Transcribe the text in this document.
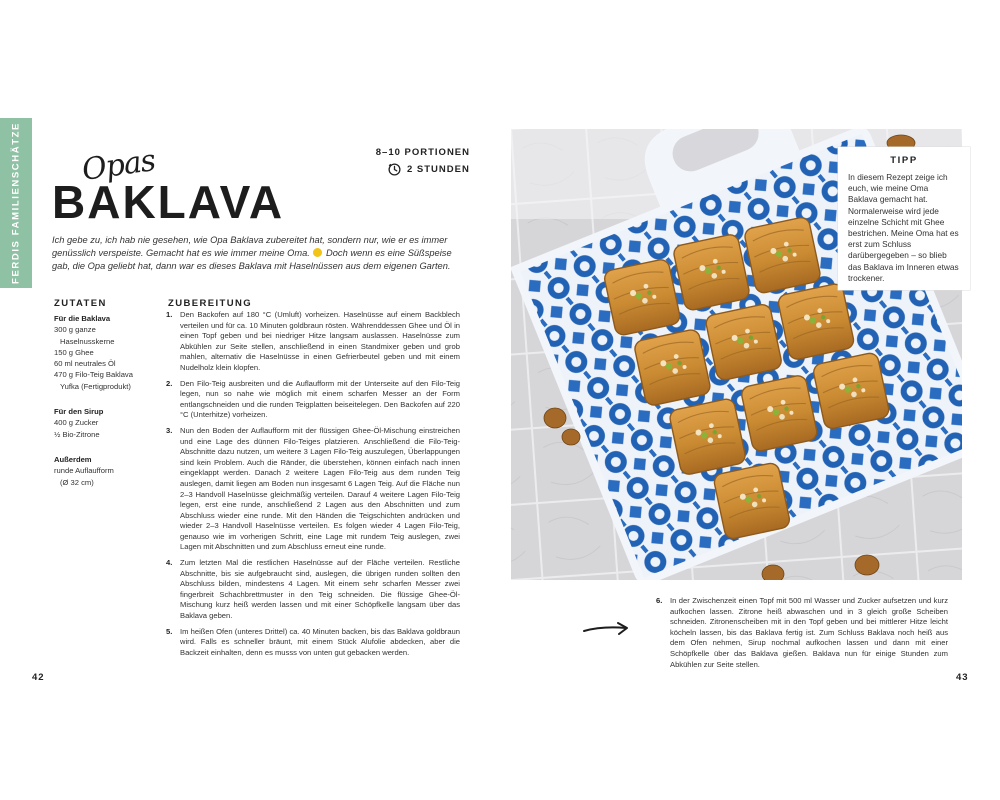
FERDIS FAMILIENSCHÄTZE Opas
BAKLAVA
8–10 PORTIONEN
2 STUNDEN

Ich gebe zu, ich hab nie gesehen, wie Opa Baklava zubereitet hat, sondern nur, wie er es immer genüsslich verspeiste. Gemacht hat es wie immer meine Oma. Doch wenn es eine Süßspeise gab, die Opa geliebt hat, dann war es dieses Baklava mit Haselnüssen aus dem eigenen Garten.

ZUTATEN	ZUBEREITUNG
Für die Baklava
300 g ganze
Haselnusskerne
150 g Ghee
60 ml neutrales Öl
470 g Filo-Teig Baklava
Yufka (Fertigprodukt)
Für den Sirup
400 g Zucker
½ Bio-Zitrone
Außerdem
runde Auflaufform
(Ø 32 cm)
1.	Den Backofen auf 180 °C (Umluft) vorheizen. Haselnüsse auf einem Backblech verteilen und für ca. 10 Minuten goldbraun rösten. Währenddessen Ghee und Öl in einen Topf geben und bei niedriger Hitze langsam auslassen. Haselnüsse zum Abkühlen zur Seite stellen, anschließend in einen Standmixer geben und grob mahlen, alternativ die Haselnüsse in einen Gefrierbeutel geben und mit einem Nudelholz klein klopfen.
2.	Den Filo-Teig ausbreiten und die Auflaufform mit der Unterseite auf den Filo-Teig legen, nun so nahe wie möglich mit einem scharfen Messer an der Form entlangschneiden und die runden Teigplatten beiseitelegen. Den Backofen auf 220 °C (Unterhitze) vorheizen.
3.	Nun den Boden der Auflaufform mit der flüssigen Ghee-Öl-Mischung einstreichen und eine Lage des dünnen Filo-Teiges platzieren. Anschließend die Filo-Teig-Abschnitte dazu nutzen, um weitere 3 Lagen Filo-Teig auszulegen, Überlappungen sind kein Problem. Auch die Ränder, die überstehen, können einfach nach innen eingeklappt werden. Danach 2 weitere Lagen Filo-Teig aus dem runden Teig auslegen, damit liegen am Boden nun insgesamt 6 Lagen Teig. Auf die Fläche nun 2–3 Handvoll Haselnüsse gleichmäßig verteilen. Darauf 4 weitere Lagen Filo-Teig legen, erst eine runde, anschließend 2 Lagen aus den Abschnitten und zum Abschluss wieder eine runde. Mit den Händen die Teigschichten andrücken und wieder 2–3 Handvoll Haselnüsse verteilen. Es folgen wieder 4 Lagen Filo-Teig, genauso wie im vorherigen Schritt, eine Lage mit rundem Teig auslegen, zwei Lagen mit Abschnitten und zum Abschluss erneut eine runde.
4.	Zum letzten Mal die restlichen Haselnüsse auf der Fläche verteilen. Restliche Abschnitte, bis sie aufgebraucht sind, auslegen, die übrigen runden sollten den Abschluss bilden, mindestens 4 Lagen. Mit einem sehr scharfen Messer zwei fingerbreit Schachbrettmuster in den Teig schneiden. Die flüssige Ghee-Öl-Mischung kurz heiß werden lassen und mit einer Schöpfkelle langsam über das Baklava geben.
5.	Im heißen Ofen (unteres Drittel) ca. 40 Minuten backen, bis das Baklava goldbraun wird. Falls es schneller bräunt, mit einem Stück Alufolie abdecken, aber die Backzeit einhalten, denn es musss von unten gut gebacken werden.
42
TIPP
In diesem Rezept zeige ich euch, wie meine Oma Baklava gemacht hat. Normalerweise wird jede einzelne Schicht mit Ghee bestrichen. Meine Oma hat es erst zum Schluss darübergegeben – so blieb das Baklava im Inneren etwas trockener.
6.	In der Zwischenzeit einen Topf mit 500 ml Wasser und Zucker aufsetzen und kurz aufkochen lassen. Zitrone heiß abwaschen und in 3 gleich große Scheiben schneiden. Zitronenscheiben mit in den Topf geben und bei mittlerer Hitze leicht köcheln lassen, bis das Baklava fertig ist. Zum Schluss Baklava noch heiß aus dem Ofen nehmen, Sirup nochmal aufkochen lassen und dann mit einer Schöpfkelle über das Baklava gießen. Baklava nun für einige Stunden zum Abkühlen zur Seite stellen.
43
